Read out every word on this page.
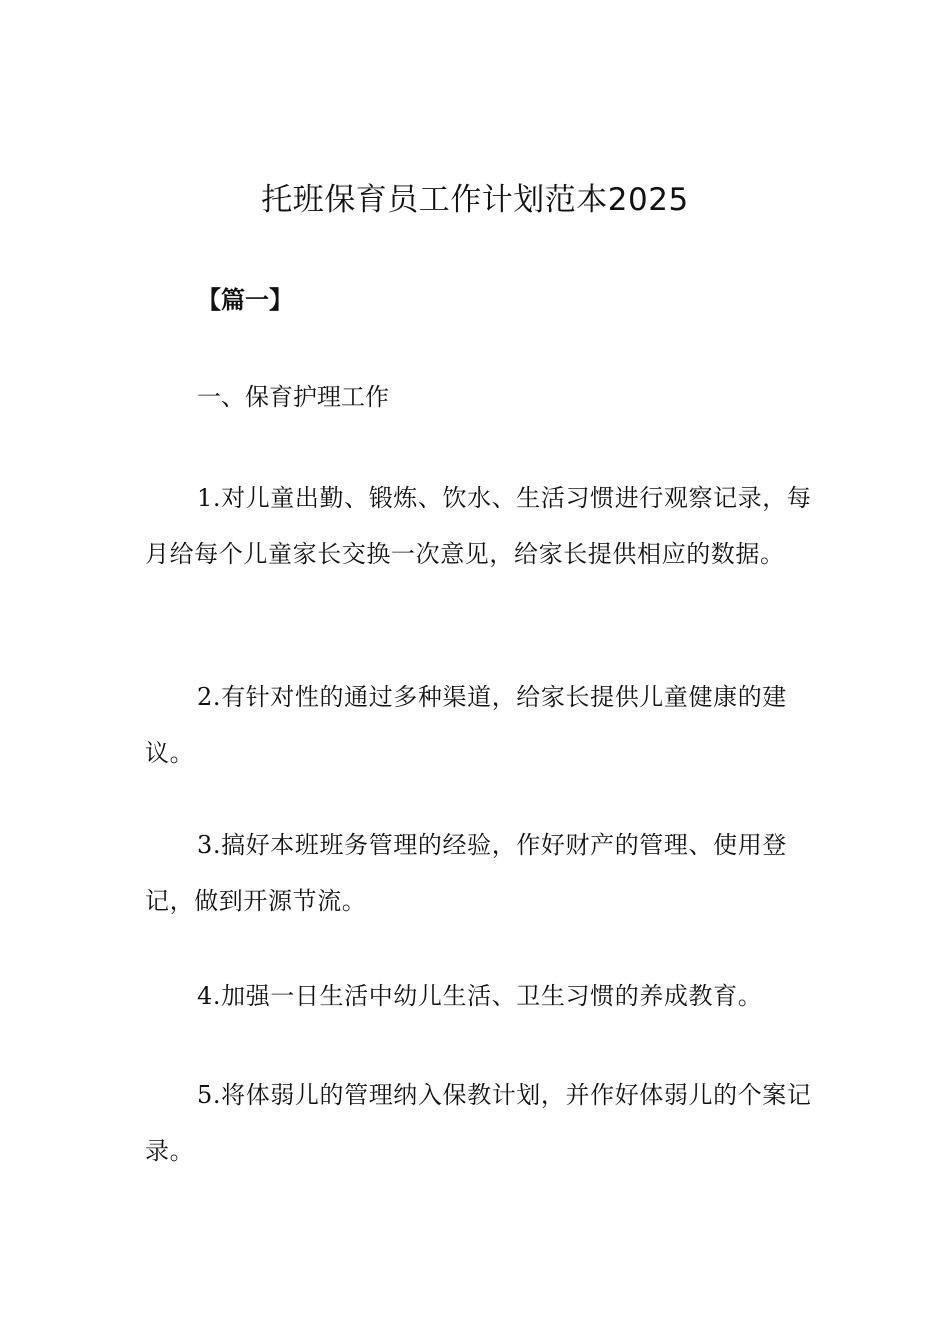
托班保育员工作计划范本2025
【篇一】
一、保育护理工作

1.对儿童出勤、锻炼、饮水、生活习惯进行观察记录，每月给每个儿童家长交换一次意见，给家长提供相应的数据。

2.有针对性的通过多种渠道，给家长提供儿童健康的建议。

3.搞好本班班务管理的经验，作好财产的管理、使用登记，做到开源节流。

4.加强一日生活中幼儿生活、卫生习惯的养成教育。

5.将体弱儿的管理纳入保教计划，并作好体弱儿的个案记录。
